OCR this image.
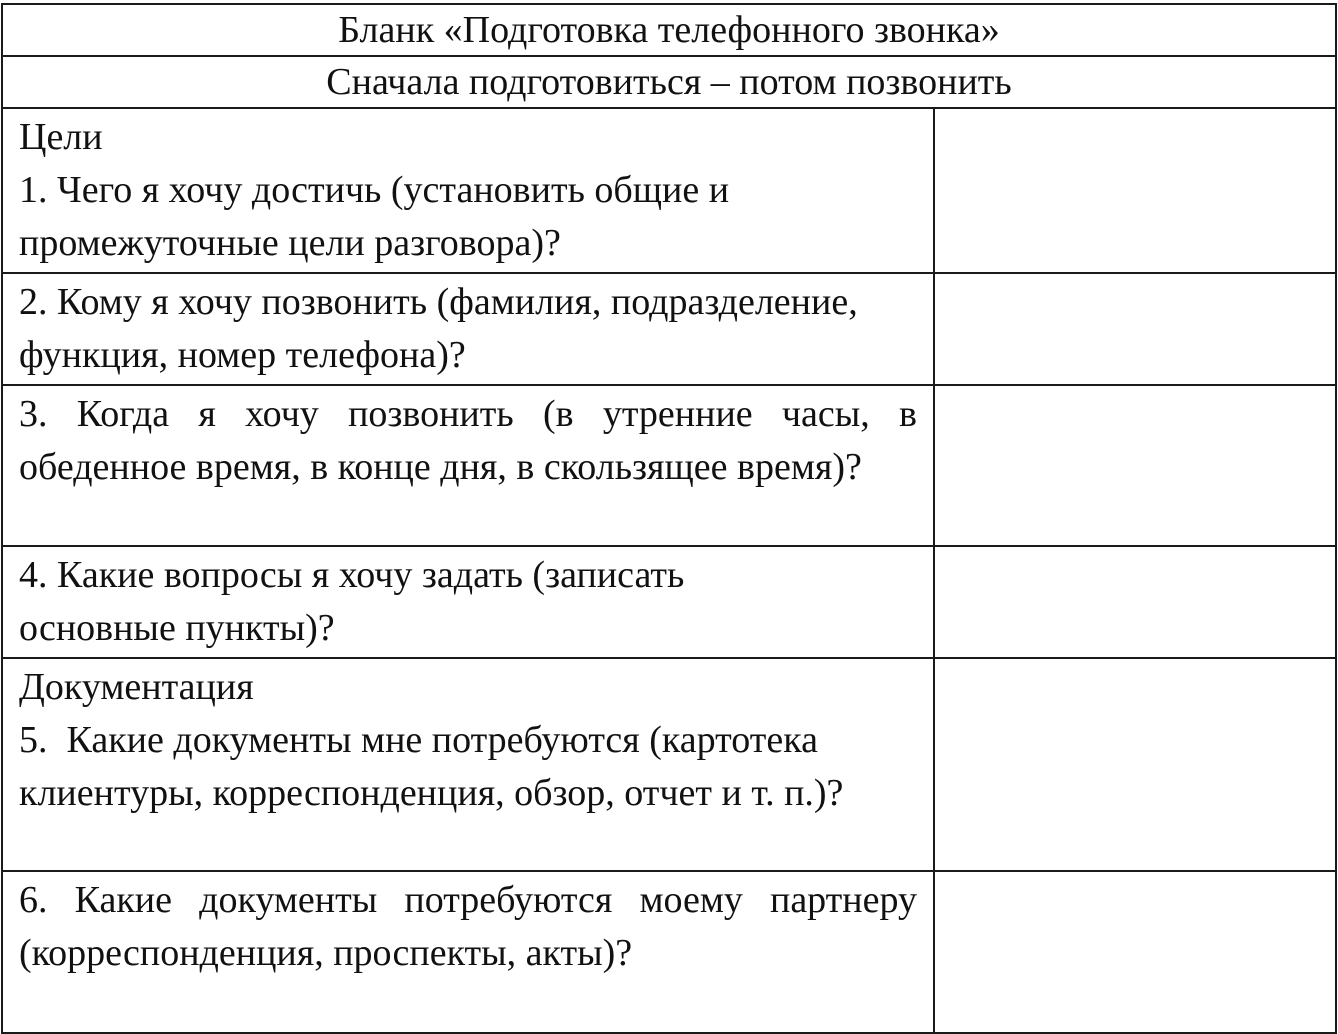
Бланк «Подготовка телефонного звонка»	
Сначала подготовиться – потом позвонить	

Цели
1. Чего я хочу достичь (установить общие и промежуточные цели разговора)?	

2. Кому я хочу позвонить (фамилия, подразделение, функция, номер телефона)?	

3. Когда я хочу позвонить (в утренние часы, в обеденное время, в конце дня, в скользящее время)?	

4. Какие вопросы я хочу задать (записать основные пункты)?	

Документация
5.  Какие документы мне потребуются (картотека клиентуры, корреспонденция, обзор, отчет и т. п.)?	

6. Какие документы потребуются моему партнеру (корреспонденция, проспекты, акты)?	
